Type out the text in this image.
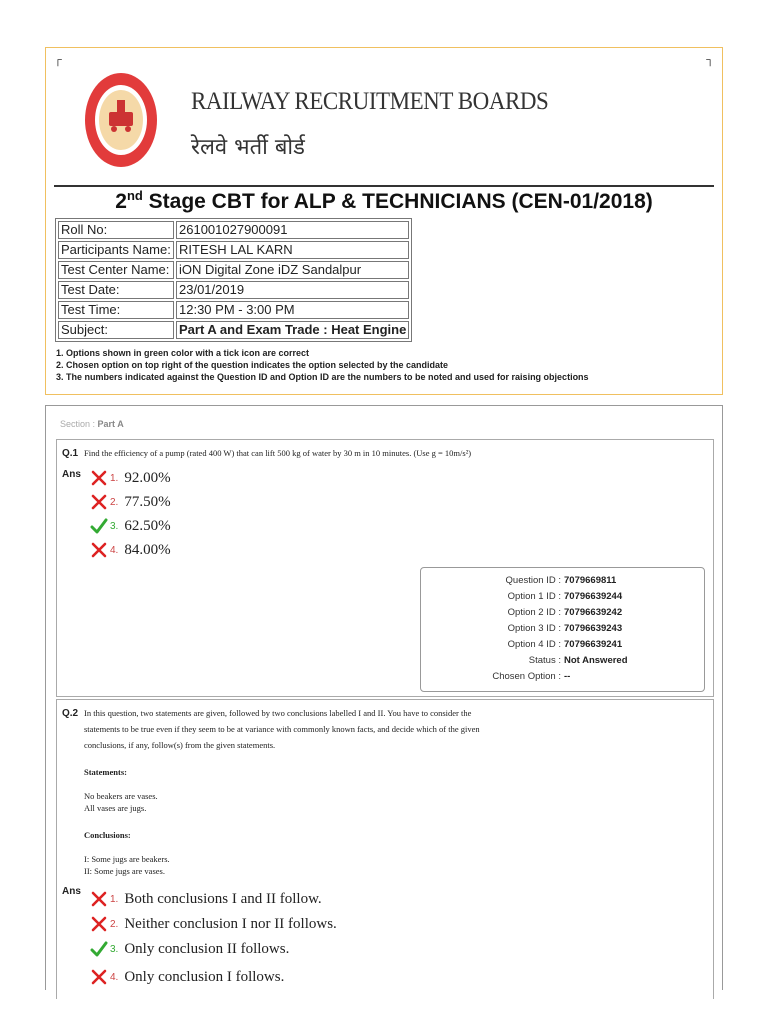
┌	┐
RAILWAY RECRUITMENT BOARDS
रेलवे भर्ती बोर्ड
2nd Stage CBT for ALP & TECHNICIANS (CEN-01/2018)
Roll No:	261001027900091
Participants Name:	RITESH LAL KARN
Test Center Name:	iON Digital Zone iDZ Sandalpur
Test Date:	23/01/2019
Test Time:	12:30 PM - 3:00 PM
Subject:	Part A and Exam Trade : Heat Engine
1. Options shown in green color with a tick icon are correct
2. Chosen option on top right of the question indicates the option selected by the candidate
3. The numbers indicated against the Question ID and Option ID are the numbers to be noted and used for raising objections
Section : Part A
Q.1 Find the efficiency of a pump (rated 400 W) that can lift 500 kg of water by 30 m in 10 minutes. (Use g = 10m/s²)
Ans	1. 92.00%
2. 77.50%
3. 62.50%
4. 84.00%
Question ID : 7079669811
Option 1 ID : 70796639244
Option 2 ID : 70796639242
Option 3 ID : 70796639243
Option 4 ID : 70796639241
Status : Not Answered
Chosen Option : --
Q.2 In this question, two statements are given, followed by two conclusions labelled I and II. You have to consider the
statements to be true even if they seem to be at variance with commonly known facts, and decide which of the given
conclusions, if any, follow(s) from the given statements.
Statements:
No beakers are vases.
All vases are jugs.
Conclusions:
I: Some jugs are beakers.
II: Some jugs are vases.
Ans
1. Both conclusions I and II follow.
2. Neither conclusion I nor II follows.
3. Only conclusion II follows.
4. Only conclusion I follows.
